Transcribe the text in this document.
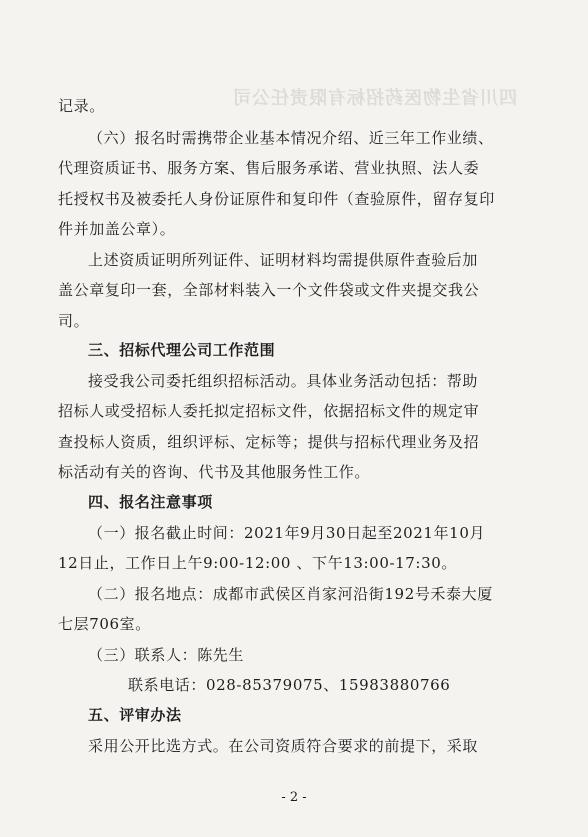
四川省生物医药招标有限责任公司
记录。
（六）报名时需携带企业基本情况介绍、近三年工作业绩、
代理资质证书、服务方案、售后服务承诺、营业执照、法人委
托授权书及被委托人身份证原件和复印件（查验原件，留存复印
件并加盖公章）。
上述资质证明所列证件、证明材料均需提供原件查验后加
盖公章复印一套，全部材料装入一个文件袋或文件夹提交我公
司。
三、招标代理公司工作范围
接受我公司委托组织招标活动。具体业务活动包括：帮助
招标人或受招标人委托拟定招标文件，依据招标文件的规定审
查投标人资质，组织评标、定标等；提供与招标代理业务及招
标活动有关的咨询、代书及其他服务性工作。
四、报名注意事项
（一）报名截止时间：2021年9月30日起至2021年10月
12日止，工作日上午9:00-12:00 、下午13:00-17:30。
（二）报名地点：成都市武侯区肖家河沿街192号禾泰大厦
七层706室。
（三）联系人：陈先生
联系电话：028-85379075、15983880766
五、评审办法
采用公开比选方式。在公司资质符合要求的前提下，采取
- 2 -
